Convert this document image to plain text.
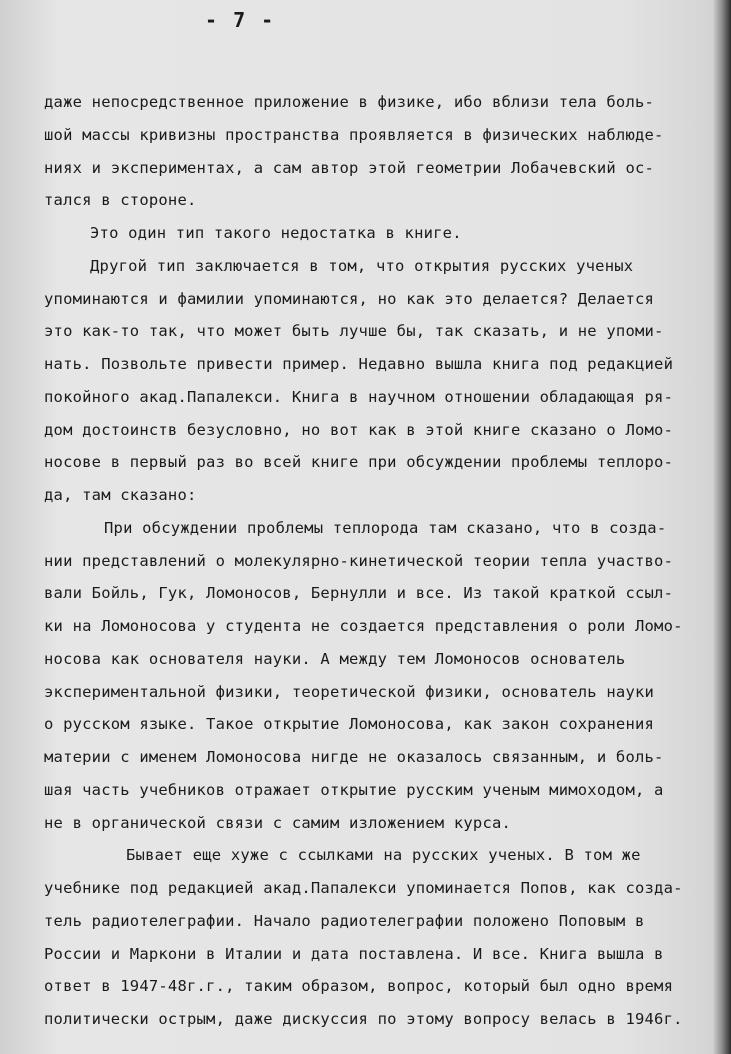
- 7 -
даже непосредственное приложение в физике, ибо вблизи тела боль-
шой массы кривизны пространства проявляется в физических наблюде-
ниях и экспериментах, а сам автор этой геометрии Лобачевский ос-
тался в стороне.
Это один тип такого недостатка в книге.
Другой тип заключается в том, что открытия русских ученых
упоминаются и фамилии упоминаются, но как это делается? Делается
это как-то так, что может быть лучше бы, так сказать, и не упоми-
нать. Позвольте привести пример. Недавно вышла книга под редакцией
покойного акад.Папалекси. Книга в научном отношении обладающая ря-
дом достоинств безусловно, но вот как в этой книге сказано о Ломо-
носове в первый раз во всей книге при обсуждении проблемы теплоро-
да, там сказано:
При обсуждении проблемы теплорода там сказано, что в созда-
нии представлений о молекулярно-кинетической теории тепла участво-
вали Бойль, Гук, Ломоносов, Бернулли и все. Из такой краткой ссыл-
ки на Ломоносова у студента не создается представления о роли Ломо-
носова как основателя науки. А между тем Ломоносов основатель
экспериментальной физики, теоретической физики, основатель науки
о русском языке. Такое открытие Ломоносова, как закон сохранения
материи с именем Ломоносова нигде не оказалось связанным, и боль-
шая часть учебников отражает открытие русским ученым мимоходом, а
не в органической связи с самим изложением курса.
Бывает еще хуже с ссылками на русских ученых. В том же
учебнике под редакцией акад.Папалекси упоминается Попов, как созда-
тель радиотелеграфии. Начало радиотелеграфии положено Поповым в
России и Маркони в Италии и дата поставлена. И все. Книга вышла в
ответ в 1947-48г.г., таким образом, вопрос, который был одно время
политически острым, даже дискуссия по этому вопросу велась в 1946г.
